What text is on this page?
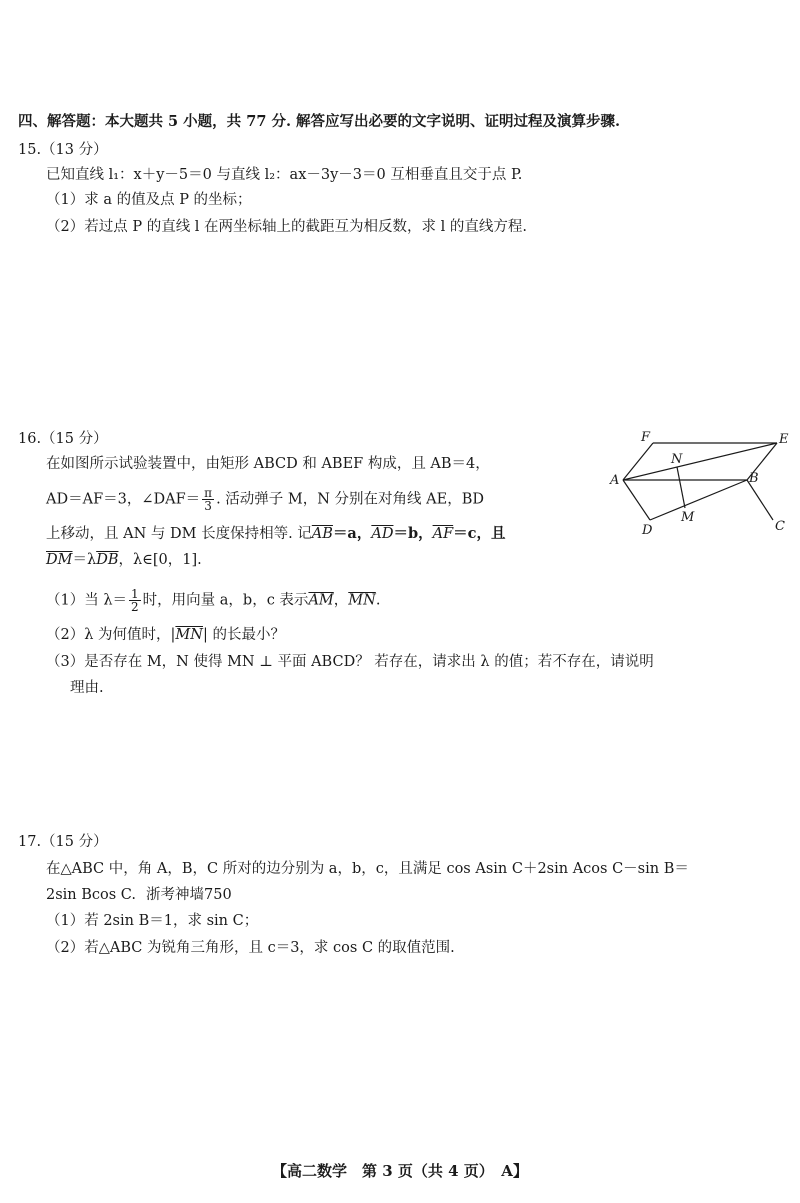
四、解答题：本大题共 5 小题，共 77 分. 解答应写出必要的文字说明、证明过程及演算步骤.
15.（13 分）
已知直线 l₁：x＋y－5＝0 与直线 l₂：ax－3y－3＝0 互相垂直且交于点 P.
（1）求 a 的值及点 P 的坐标；
（2）若过点 P 的直线 l 在两坐标轴上的截距互为相反数，求 l 的直线方程.
16.（15 分）
在如图所示试验装置中，由矩形 ABCD 和 ABEF 构成，且 AB＝4，
AD＝AF＝3，∠DAF＝ $\frac{\pi}{3}$ . 活动弹子 M，N 分别在对角线 AE，BD
上移动，且 AN 与 DM 长度保持相等. 记$\overline{AB}=a$，$\overline{AD}=b$，$\overline{AF}=c$，且
$\overline{DM}=\lambda\overline{DB}$，λ∈[0，1].
（1）当 $\lambda= \frac{1}{2}$ 时，用向量 a，b，c 表示$\overline{AM}$，$\overline{MN}$.
（2）λ 为何值时，$|\overline{MN}|$ 的长最小？
（3）是否存在 M，N 使得 MN ⊥ 平面 ABCD？ 若存在，请求出 λ 的值；若不存在，请说明
理由.
F	E
N
A	B
M
D	C
17.（15 分）
在△ABC 中，角 A，B，C 所对的边分别为 a，b，c，且满足 cos Asin C＋2sin Acos C－sin B＝
2sin Bcos C. 浙考神墙750
（1）若 2sin B＝1，求 sin C；
（2）若△ABC 为锐角三角形，且 c＝3，求 cos C 的取值范围.
【高二数学　第 3 页（共 4 页）　A】
